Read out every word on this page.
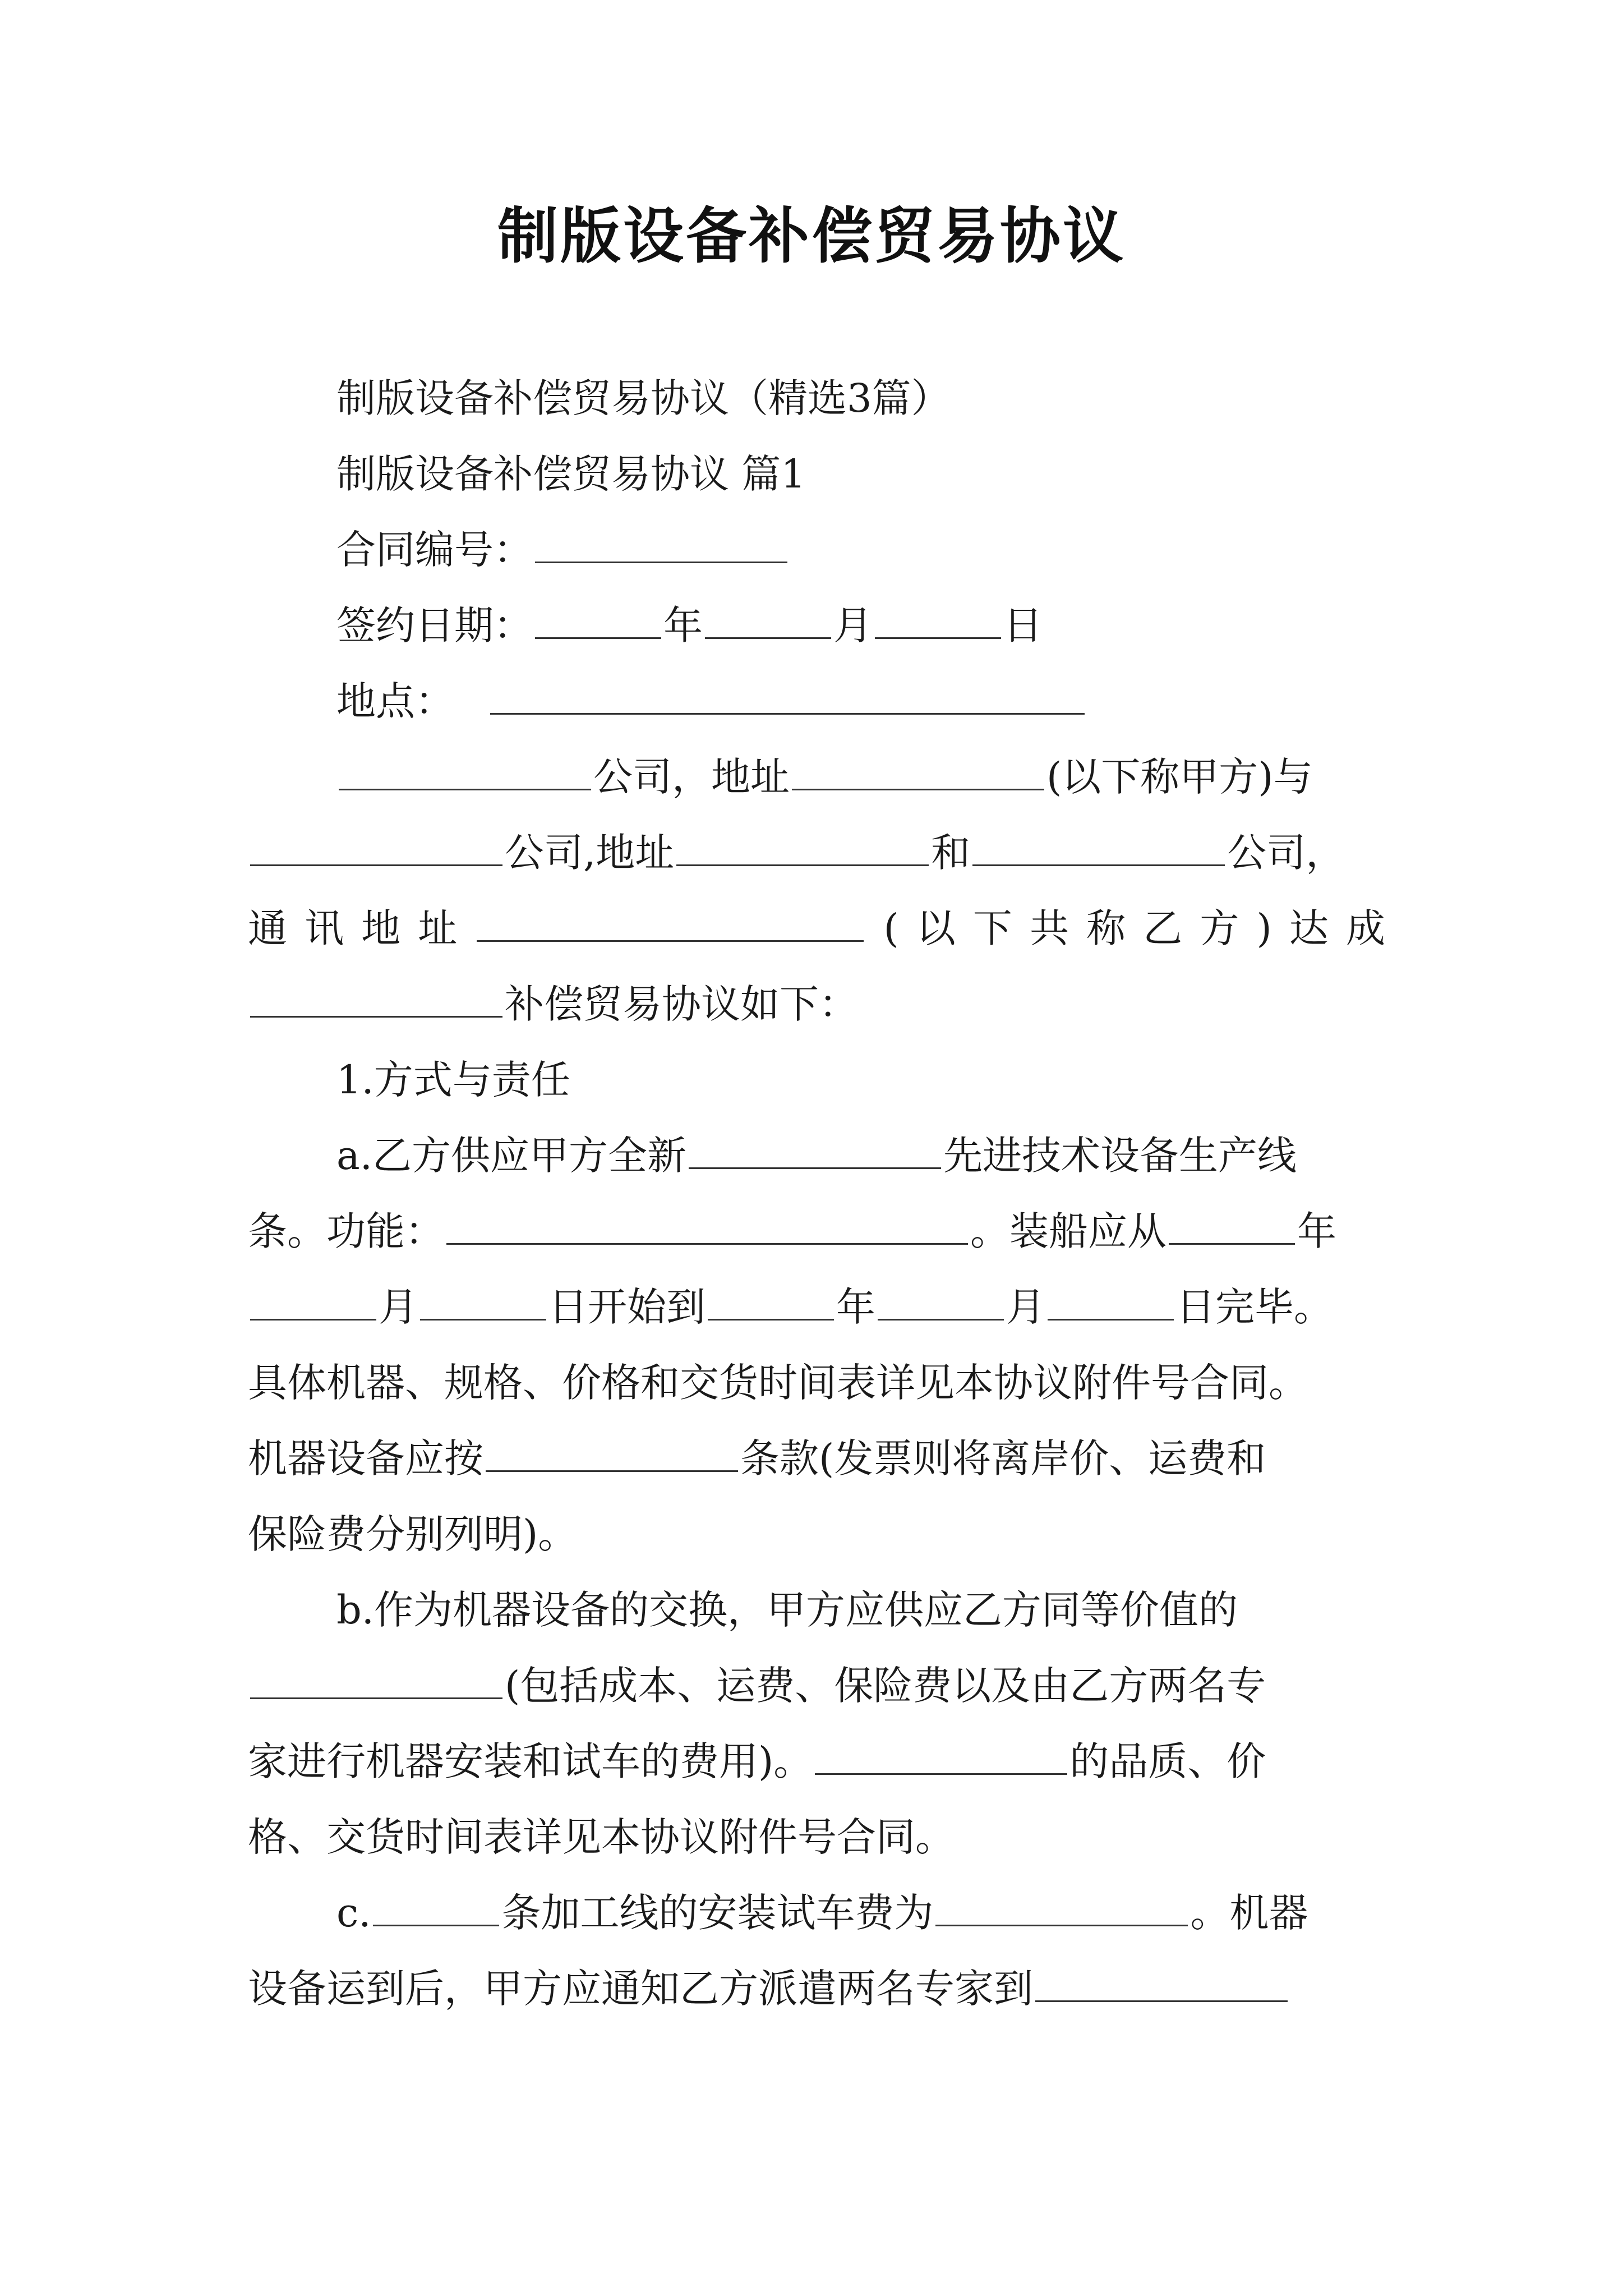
制版设备补偿贸易协议
制版设备补偿贸易协议（精选3篇）
制版设备补偿贸易协议 篇1
合同编号：
签约日期：	年	月	日
地点：
公司，地址	(以下称甲方)与
公司,地址	和	公司，
通 讯 地 址	( 以 下 共 称 乙 方 ) 达 成
补偿贸易协议如下：
1.方式与责任
a.乙方供应甲方全新	先进技术设备生产线
条。功能：	。装船应从	年
月	日开始到	年	月	日完毕。
具体机器、规格、价格和交货时间表详见本协议附件号合同。
机器设备应按	条款(发票则将离岸价、运费和
保险费分别列明)。
b.作为机器设备的交换，甲方应供应乙方同等价值的
(包括成本、运费、保险费以及由乙方两名专
家进行机器安装和试车的费用)。	的品质、价
格、交货时间表详见本协议附件号合同。
c.	条加工线的安装试车费为	。机器
设备运到后，甲方应通知乙方派遣两名专家到
